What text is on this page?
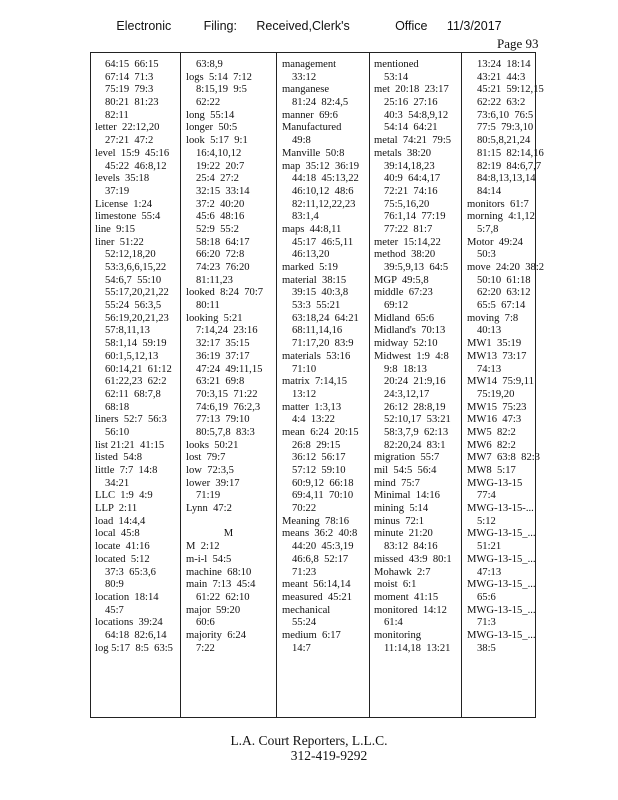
Electronic     Filing:   Received,Clerk's       Office   11/3/2017
Page 93
64:15  66:15
67:14  71:3
75:19  79:3
80:21  81:23
82:11
letter  22:12,20
27:21  47:2
level  15:9  45:16
45:22  46:8,12
levels  35:18
37:19
License  1:24
limestone  55:4
line  9:15
liner  51:22
52:12,18,20
53:3,6,6,15,22
54:6,7  55:10
55:17,20,21,22
55:24  56:3,5
56:19,20,21,23
57:8,11,13
58:1,14  59:19
60:1,5,12,13
60:14,21  61:12
61:22,23  62:2
62:11  68:7,8
68:18
liners  52:7  56:3
56:10
list 21:21  41:15
listed  54:8
little  7:7  14:8
34:21
LLC  1:9  4:9
LLP  2:11
load  14:4,4
local  45:8
locate  41:16
located  5:12
37:3  65:3,6
80:9
location  18:14
45:7
locations  39:24
64:18  82:6,14
log 5:17  8:5  63:5
63:8,9
logs  5:14  7:12
8:15,19  9:5
62:22
long  55:14
longer  50:5
look  5:17  9:1
16:4,10,12
19:22  20:7
25:4  27:2
32:15  33:14
37:2  40:20
45:6  48:16
52:9  55:2
58:18  64:17
66:20  72:8
74:23  76:20
81:11,23
looked  8:24  70:7
80:11
looking  5:21
7:14,24  23:16
32:17  35:15
36:19  37:17
47:24  49:11,15
63:21  69:8
70:3,15  71:22
74:6,19  76:2,3
77:13  79:10
80:5,7,8  83:3
looks  50:21
lost  79:7
low  72:3,5
lower  39:17
71:19
Lynn  47:2
M
M  2:12
m-i-l  54:5
machine  68:10
main  7:13  45:4
61:22  62:10
major  59:20
60:6
majority  6:24
7:22
management
33:12
manganese
81:24  82:4,5
manner  69:6
Manufactured
49:8
Manville  50:8
map  35:12  36:19
44:18  45:13,22
46:10,12  48:6
82:11,12,22,23
83:1,4
maps  44:8,11
45:17  46:5,11
46:13,20
marked  5:19
material  38:15
39:15  40:3,8
53:3  55:21
63:18,24  64:21
68:11,14,16
71:17,20  83:9
materials  53:16
71:10
matrix  7:14,15
13:12
matter  1:3,13
4:4  13:22
mean  6:24  20:15
26:8  29:15
36:12  56:17
57:12  59:10
60:9,12  66:18
69:4,11  70:10
70:22
Meaning  78:16
means  36:2  40:8
44:20  45:3,19
46:6,8  52:17
71:23
meant  56:14,14
measured  45:21
mechanical
55:24
medium  6:17
14:7
mentioned
53:14
met  20:18  23:17
25:16  27:16
40:3  54:8,9,12
54:14  64:21
metal  74:21  79:5
metals  38:20
39:14,18,23
40:9  64:4,17
72:21  74:16
75:5,16,20
76:1,14  77:19
77:22  81:7
meter  15:14,22
method  38:20
39:5,9,13  64:5
MGP  49:5,8
middle  67:23
69:12
Midland  65:6
Midland's  70:13
midway  52:10
Midwest  1:9  4:8
9:8  18:13
20:24  21:9,16
24:3,12,17
26:12  28:8,19
52:10,17  53:21
58:3,7,9  62:13
82:20,24  83:1
migration  55:7
mil  54:5  56:4
mind  75:7
Minimal  14:16
mining  5:14
minus  72:1
minute  21:20
83:12  84:16
missed  43:9  80:1
Mohawk  2:7
moist  6:1
moment  41:15
monitored  14:12
61:4
monitoring
11:14,18  13:21
13:24  18:14
43:21  44:3
45:21  59:12,15
62:22  63:2
73:6,10  76:5
77:5  79:3,10
80:5,8,21,24
81:15  82:14,16
82:19  84:6,7,7
84:8,13,13,14
84:14
monitors  61:7
morning  4:1,12
5:7,8
Motor  49:24
50:3
move  24:20  38:2
50:10  61:18
62:20  63:12
65:5  67:14
moving  7:8
40:13
MW1  35:19
MW13  73:17
74:13
MW14  75:9,11
75:19,20
MW15  75:23
MW16  47:3
MW5  82:2
MW6  82:2
MW7  63:8  82:3
MW8  5:17
MWG-13-15
77:4
MWG-13-15-...
5:12
MWG-13-15_...
51:21
MWG-13-15_...
47:13
MWG-13-15_...
65:6
MWG-13-15_...
71:3
MWG-13-15_...
38:5
L.A. Court Reporters, L.L.C.
312-419-9292
